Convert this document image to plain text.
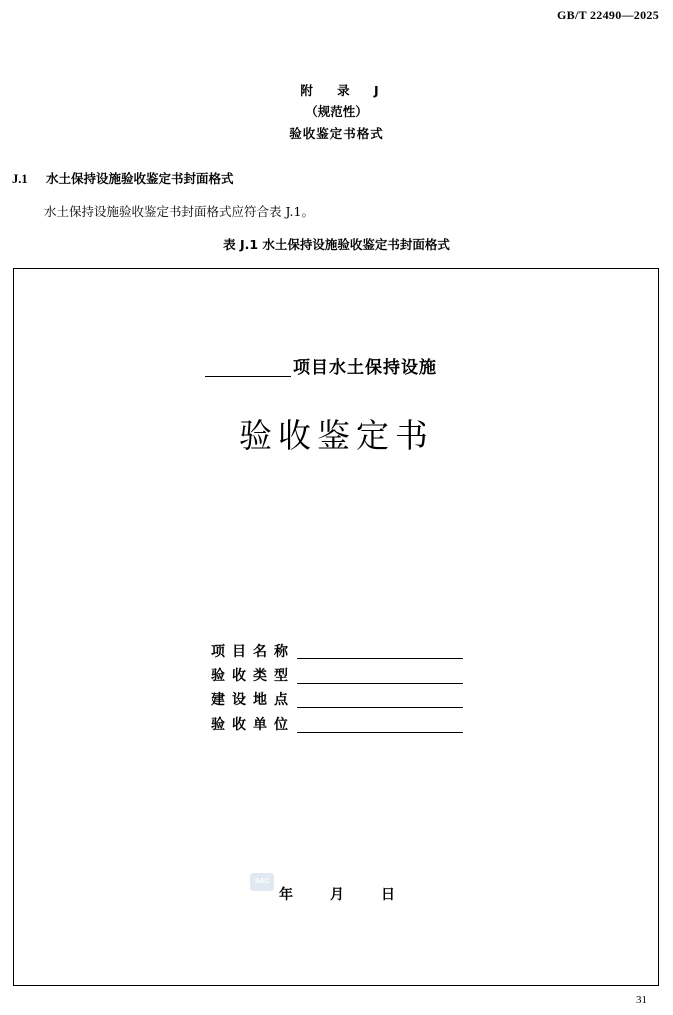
GB/T 22490—2025
附 录 J
（规范性）
验收鉴定书格式
J.1 水土保持设施验收鉴定书封面格式
水土保持设施验收鉴定书封面格式应符合表 J.1。
表 J.1 水土保持设施验收鉴定书封面格式
项目水土保持设施
验收鉴定书
项目名称
验收类型
建设地点
验收单位
SAC
年	月	日
31
